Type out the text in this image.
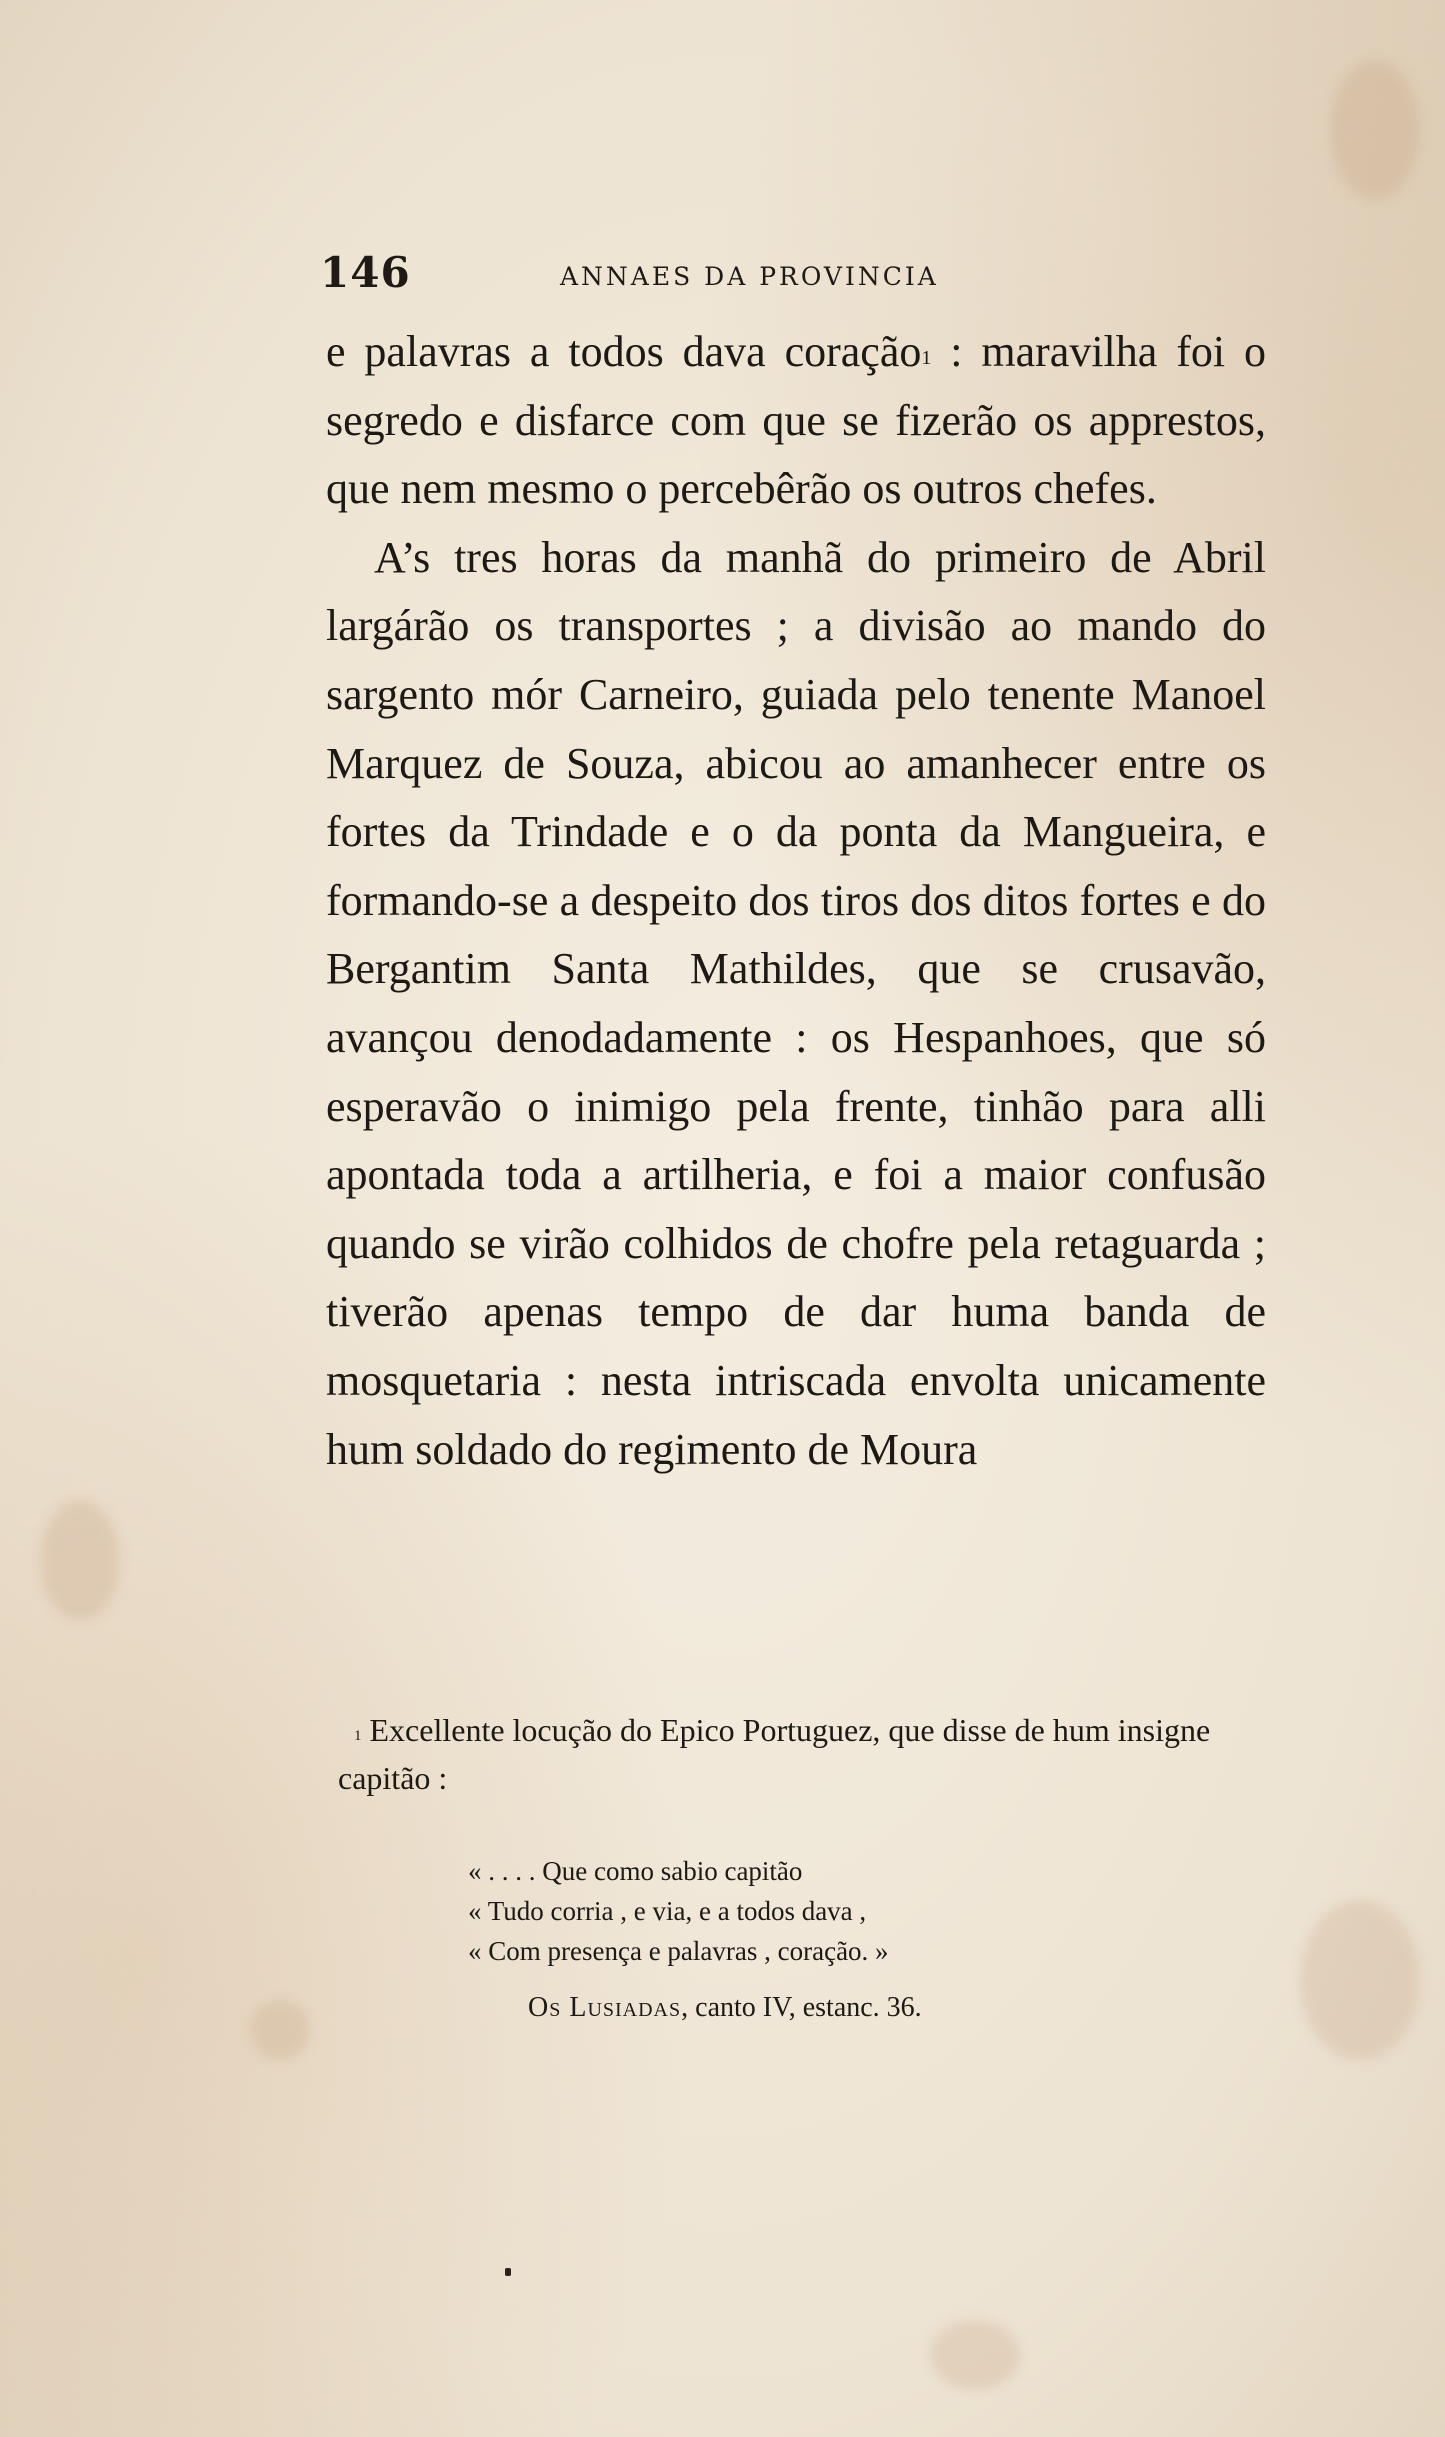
146	ANNAES DA PROVINCIA

e palavras a todos dava coração$^1$ : maravilha foi o segredo e disfarce com que se fizerão os apprestos, que nem mesmo o percebêrão os outros chefes.

A’s tres horas da manhã do primeiro de Abril largárão os transportes ; a divisão ao mando do sargento mór Carneiro, guiada pelo tenente Manoel Marquez de Souza, abicou ao amanhecer entre os fortes da Trindade e o da ponta da Mangueira, e formando-se a despeito dos tiros dos ditos fortes e do Bergantim Santa Mathildes, que se crusavão, avançou denodadamente : os Hespanhoes, que só esperavão o inimigo pela frente, tinhão para alli apontada toda a artilheria, e foi a maior confusão quando se virão colhidos de chofre pela retaguarda ; tiverão apenas tempo de dar huma banda de mosquetaria : nesta intriscada envolta unicamente hum soldado do regimento de Moura

$^1$ Excellente locução do Epico Portuguez, que disse de hum insigne capitão :

« . . . . Que como sabio capitão
« Tudo corria , e via, e a todos dava ,
« Com presença e palavras , coração. »
Os Lusiadas, canto IV, estanc. 36.
